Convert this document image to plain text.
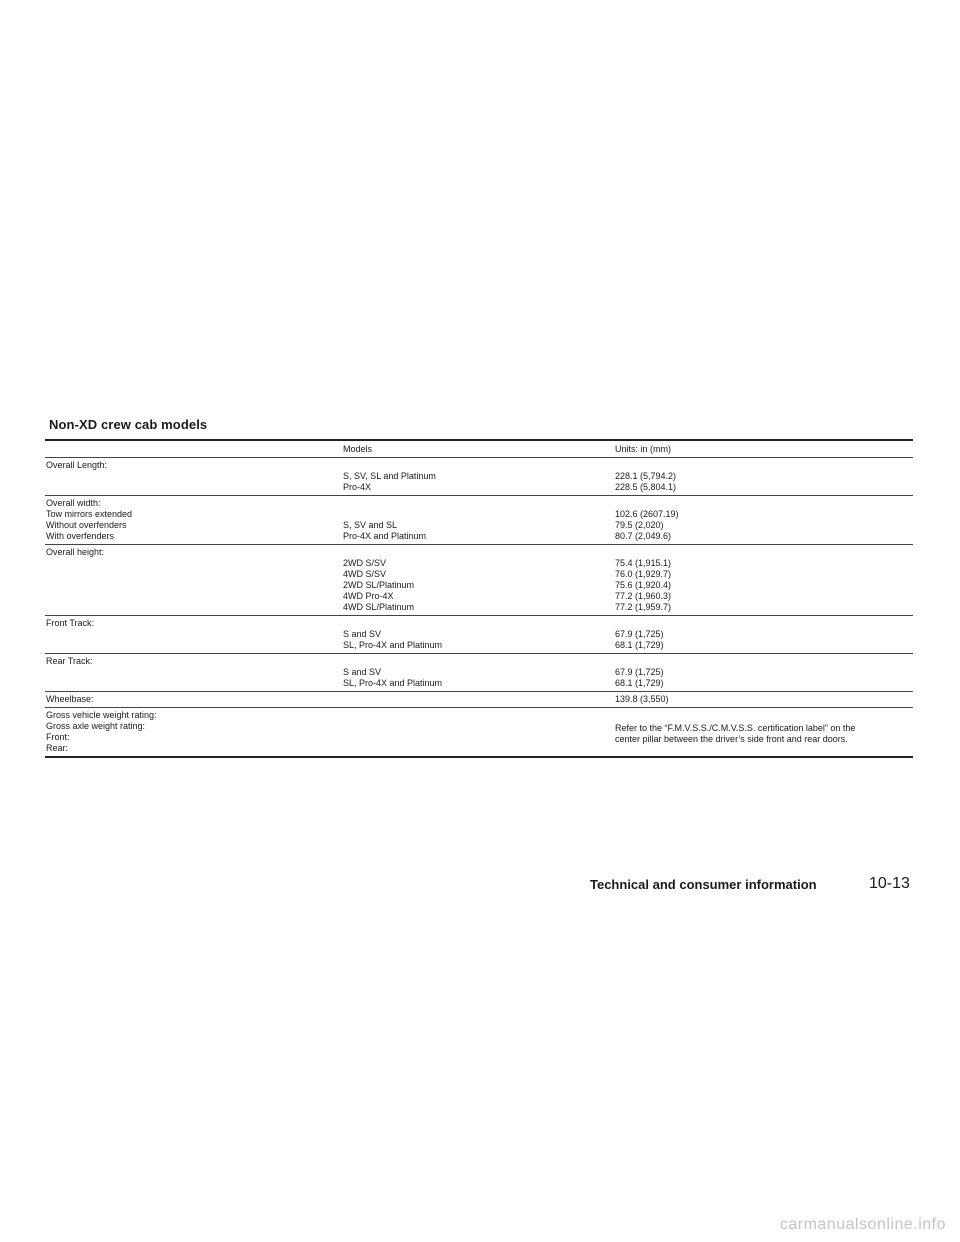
Non-XD crew cab models
Models	Units: in (mm)
Overall Length:
S, SV, SL and Platinum	228.1 (5,794.2)
Pro-4X	228.5 (5,804.1)
Overall width:
Tow mirrors extended	102.6 (2607.19)
Without overfenders	S, SV and SL	79.5 (2,020)
With overfenders	Pro-4X and Platinum	80.7 (2,049.6)
Overall height:
2WD S/SV	75.4 (1,915.1)
4WD S/SV	76.0 (1,929.7)
2WD SL/Platinum	75.6 (1,920.4)
4WD Pro-4X	77.2 (1,960.3)
4WD SL/Platinum	77.2 (1,959.7)
Front Track:
S and SV	67.9 (1,725)
SL, Pro-4X and Platinum	68.1 (1,729)
Rear Track:
S and SV	67.9 (1,725)
SL, Pro-4X and Platinum	68.1 (1,729)
Wheelbase:	139.8 (3,550)
Gross vehicle weight rating:
Gross axle weight rating:
Front:
Rear:
Refer to the “F.M.V.S.S./C.M.V.S.S. certification label” on the
center pillar between the driver’s side front and rear doors.
Technical and consumer information	10-13
carmanualsonline.info
